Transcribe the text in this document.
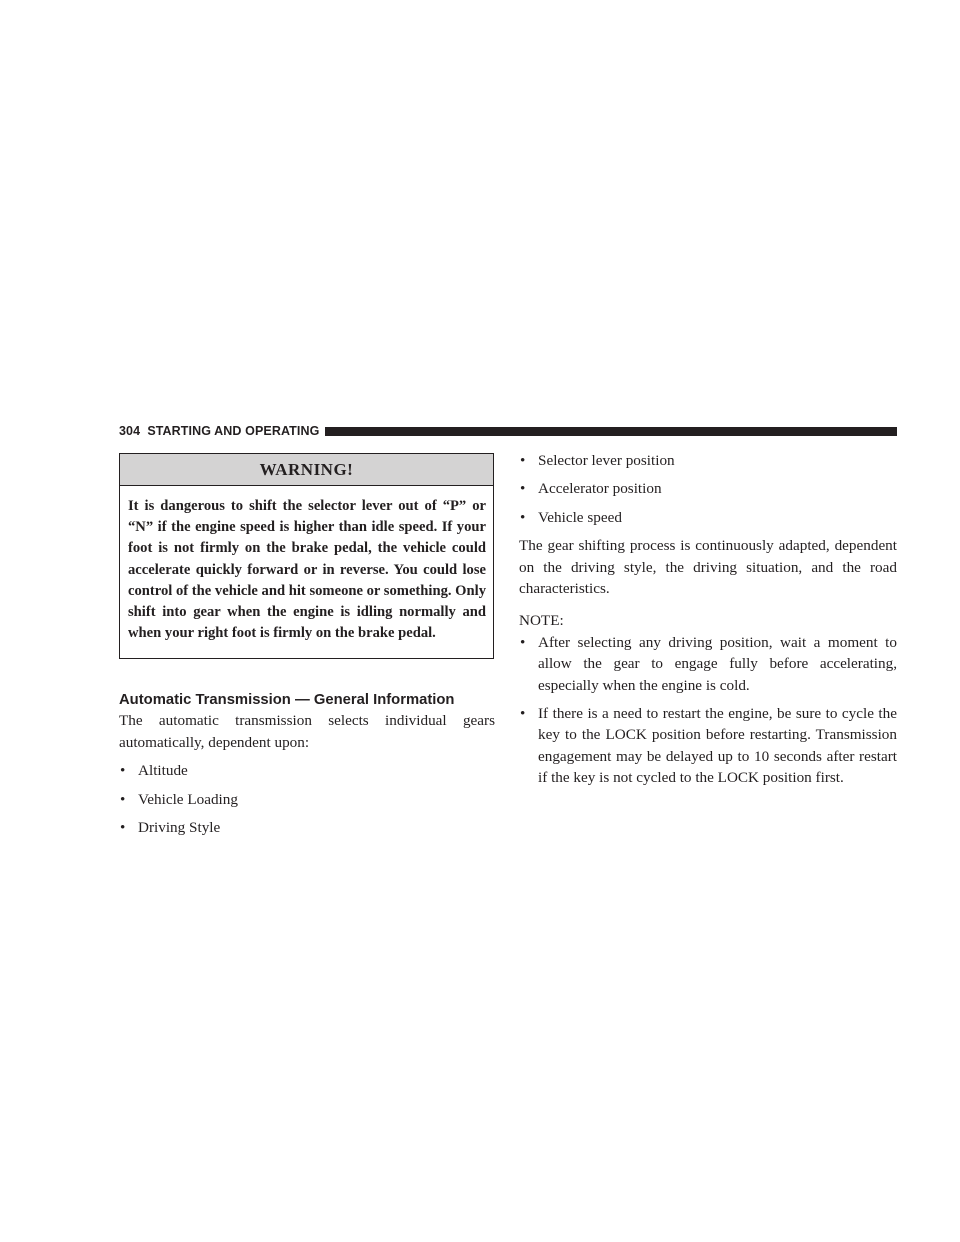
304
STARTING AND OPERATING
WARNING!
It is dangerous to shift the selector lever out of “P” or “N” if the engine speed is higher than idle speed. If your foot is not firmly on the brake pedal, the vehicle could accelerate quickly forward or in reverse. You could lose control of the vehicle and hit someone or something. Only shift into gear when the engine is idling normally and when your right foot is firmly on the brake pedal.
Automatic Transmission — General Information

The automatic transmission selects individual gears automatically, dependent upon:

• Altitude
• Vehicle Loading
• Driving Style
• Selector lever position
• Accelerator position
• Vehicle speed

The gear shifting process is continuously adapted, dependent on the driving style, the driving situation, and the road characteristics.

NOTE:
• After selecting any driving position, wait a moment to allow the gear to engage fully before accelerating, especially when the engine is cold.
• If there is a need to restart the engine, be sure to cycle the key to the LOCK position before restarting. Transmission engagement may be delayed up to 10 seconds after restart if the key is not cycled to the LOCK position first.
